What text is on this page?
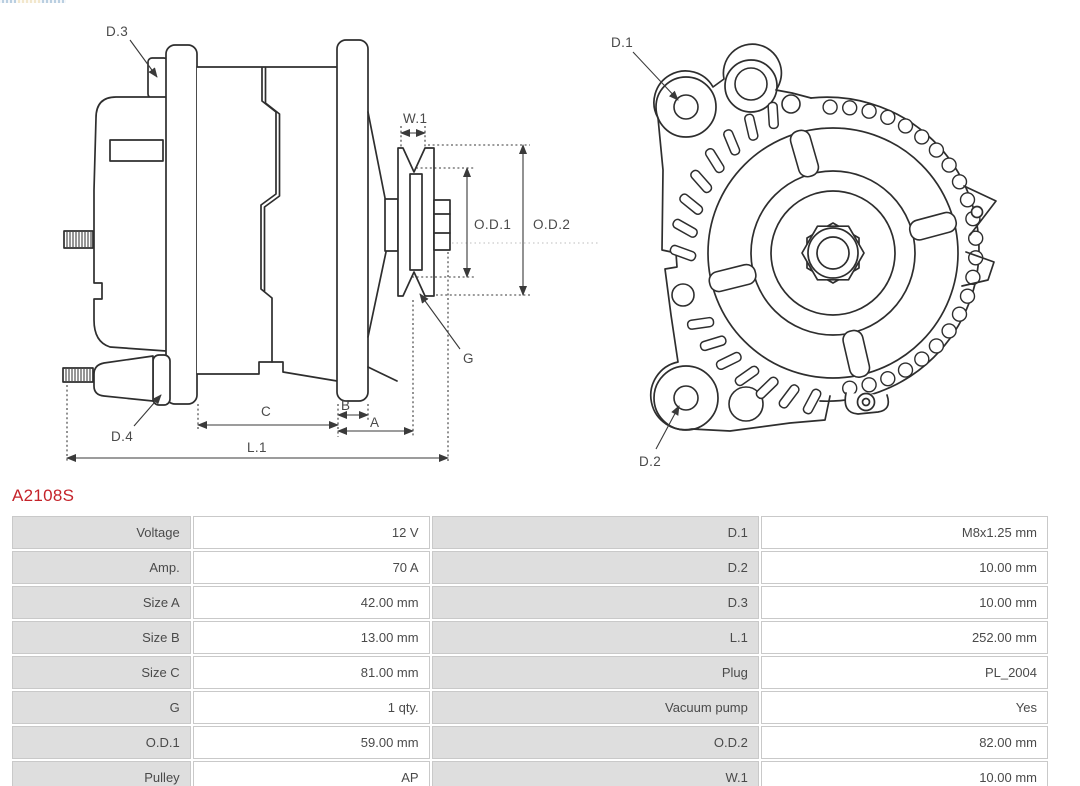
D.3
W.1
O.D.1 O.D.2
G
D.4
C	B
A
L.1
D.1
D.2
A2108S
Voltage	12 V	D.1	M8x1.25 mm
Amp.	70 A	D.2	10.00 mm
Size A	42.00 mm	D.3	10.00 mm
Size B	13.00 mm	L.1	252.00 mm
Size C	81.00 mm	Plug	PL_2004
G	1 qty.	Vacuum pump	Yes
O.D.1	59.00 mm	O.D.2	82.00 mm
Pulley	AP	W.1	10.00 mm
